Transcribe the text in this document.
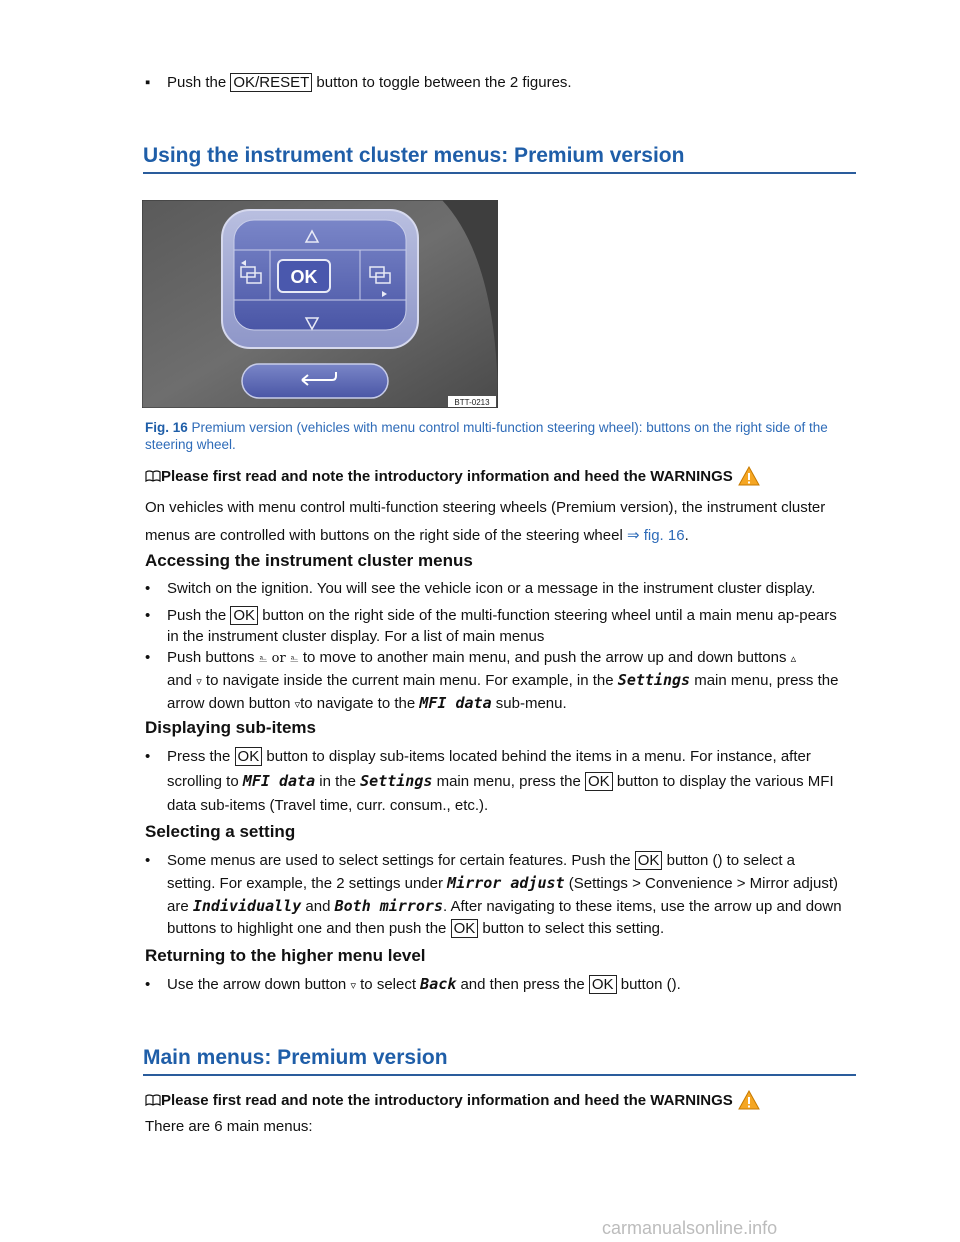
▪	Push the OK/RESET button to toggle between the 2 figures.
Using the instrument cluster menus: Premium version
OK
BTT-0213
Fig. 16 Premium version (vehicles with menu control multi-function steering wheel): buttons on the right side of the steering wheel.
Please first read and note the introductory information and heed the WARNINGS
On vehicles with menu control multi-function steering wheels (Premium version), the instrument cluster menus are controlled with buttons on the right side of the steering wheel ⇒ fig. 16.
Accessing the instrument cluster menus
•	Switch on the ignition. You will see the vehicle icon or a message in the instrument cluster display.
•	Push the OK button on the right side of the multi-function steering wheel until a main menu ap-pears in the instrument cluster display. For a list of main menus
•	Push buttons ⎁ or ⎁ to move to another main menu, and push the arrow up and down buttons ▵
and ▿ to navigate inside the current main menu. For example, in the Settings main menu, press the arrow down button ▿to navigate to the MFI data sub-menu.
Displaying sub-items
•	Press the OK button to display sub-items located behind the items in a menu. For instance, after scrolling to MFI data in the Settings main menu, press the OK button to display the various MFI data sub-items (Travel time, curr. consum., etc.).
Selecting a setting
•	Some menus are used to select settings for certain features. Push the OK button () to select a setting. For example, the 2 settings under Mirror adjust (Settings > Convenience > Mirror adjust) are Individually and Both mirrors. After navigating to these items, use the arrow up and down buttons to highlight one and then push the OK button to select this setting.
Returning to the higher menu level
•	Use the arrow down button ▿ to select Back and then press the OK button ().
Main menus: Premium version
Please first read and note the introductory information and heed the WARNINGS
There are 6 main menus:
carmanualsonline.info
